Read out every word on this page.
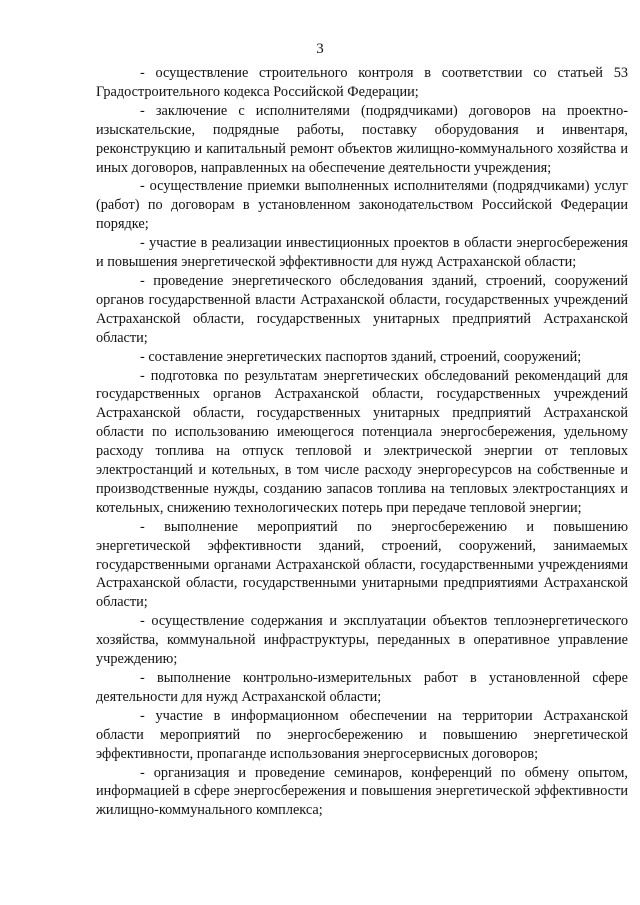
3

- осуществление строительного контроля в соответствии со статьей 53 Градостроительного кодекса Российской Федерации;

- заключение с исполнителями (подрядчиками) договоров на проектно-изыскательские, подрядные работы, поставку оборудования и инвентаря, реконструкцию и капитальный ремонт объектов жилищно-коммунального хозяйства и иных договоров, направленных на обеспечение деятельности учреждения;

- осуществление приемки выполненных исполнителями (подрядчиками) услуг (работ) по договорам в установленном законодательством Российской Федерации порядке;

- участие в реализации инвестиционных проектов в области энергосбережения и повышения энергетической эффективности для нужд Астраханской области;

- проведение энергетического обследования зданий, строений, сооружений органов государственной власти Астраханской области, государственных учреждений Астраханской области, государственных унитарных предприятий Астраханской области;

- составление энергетических паспортов зданий, строений, сооружений;

- подготовка по результатам энергетических обследований рекомендаций для государственных органов Астраханской области, государственных учреждений Астраханской области, государственных унитарных предприятий Астраханской области по использованию имеющегося потенциала энергосбережения, удельному расходу топлива на отпуск тепловой и электрической энергии от тепловых электростанций и котельных, в том числе расходу энергоресурсов на собственные и производственные нужды, созданию запасов топлива на тепловых электростанциях и котельных, снижению технологических потерь при передаче тепловой энергии;

- выполнение мероприятий по энергосбережению и повышению энергетической эффективности зданий, строений, сооружений, занимаемых государственными органами Астраханской области, государственными учреждениями Астраханской области, государственными унитарными предприятиями Астраханской области;

- осуществление содержания и эксплуатации объектов теплоэнергетического хозяйства, коммунальной инфраструктуры, переданных в оперативное управление учреждению;

- выполнение контрольно-измерительных работ в установленной сфере деятельности для нужд Астраханской области;

- участие в информационном обеспечении на территории Астраханской области мероприятий по энергосбережению и повышению энергетической эффективности, пропаганде использования энергосервисных договоров;

- организация и проведение семинаров, конференций по обмену опытом, информацией в сфере энергосбережения и повышения энергетической эффективности жилищно-коммунального комплекса;
